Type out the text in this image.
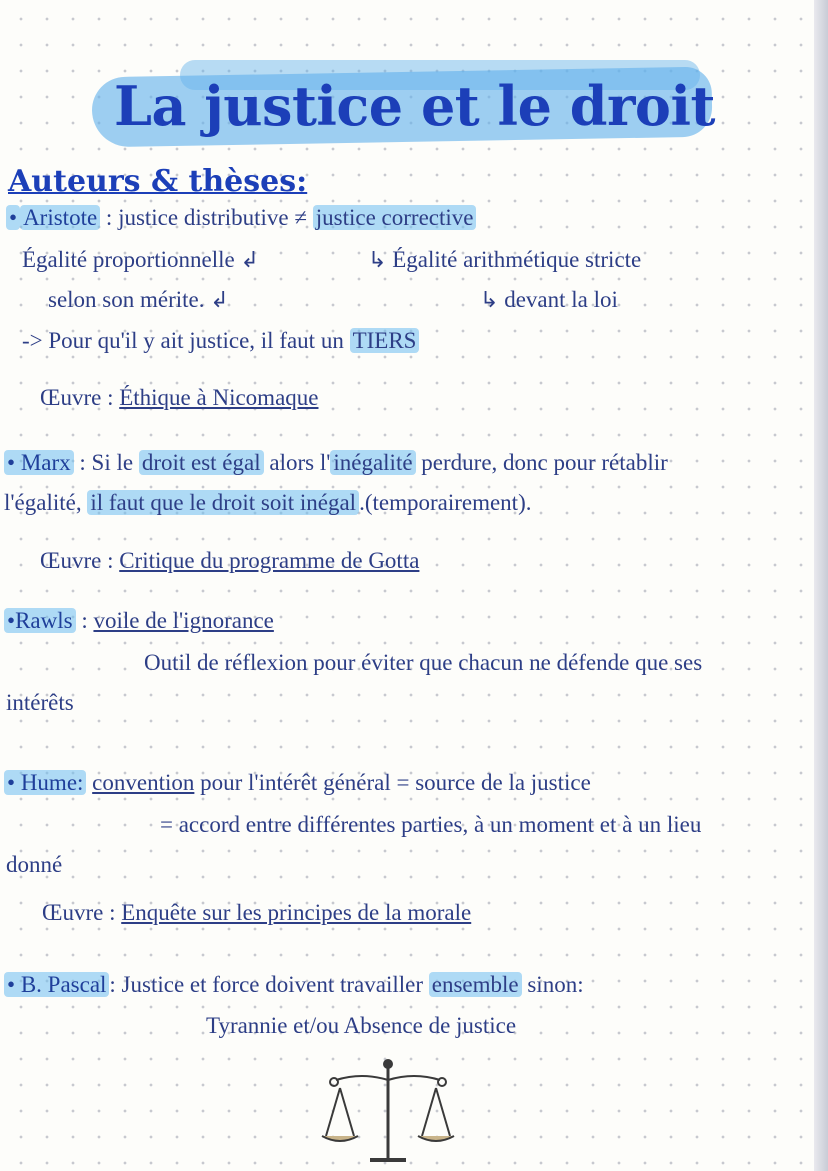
La justice et le droit
Auteurs & thèses:
• Aristote : justice distributive ≠ justice corrective
Égalité proportionnelle ↲
selon son mérite. ↲
↳ Égalité arithmétique stricte
↳ devant la loi
-> Pour qu'il y ait justice, il faut un TIERS
Œuvre : Éthique à Nicomaque
• Marx : Si le droit est égal alors l' inégalité perdure, donc pour rétablir
l'égalité, il faut que le droit soit inégal .(temporairement).
Œuvre : Critique du programme de Gotta
•Rawls : voile de l'ignorance
Outil de réflexion pour éviter que chacun ne défende que ses
intérêts
• Hume: convention pour l'intérêt général = source de la justice
= accord entre différentes parties, à un moment et à un lieu
donné
Œuvre : Enquête sur les principes de la morale
• B. Pascal : Justice et force doivent travailler ensemble sinon:
Tyrannie et/ou Absence de justice
